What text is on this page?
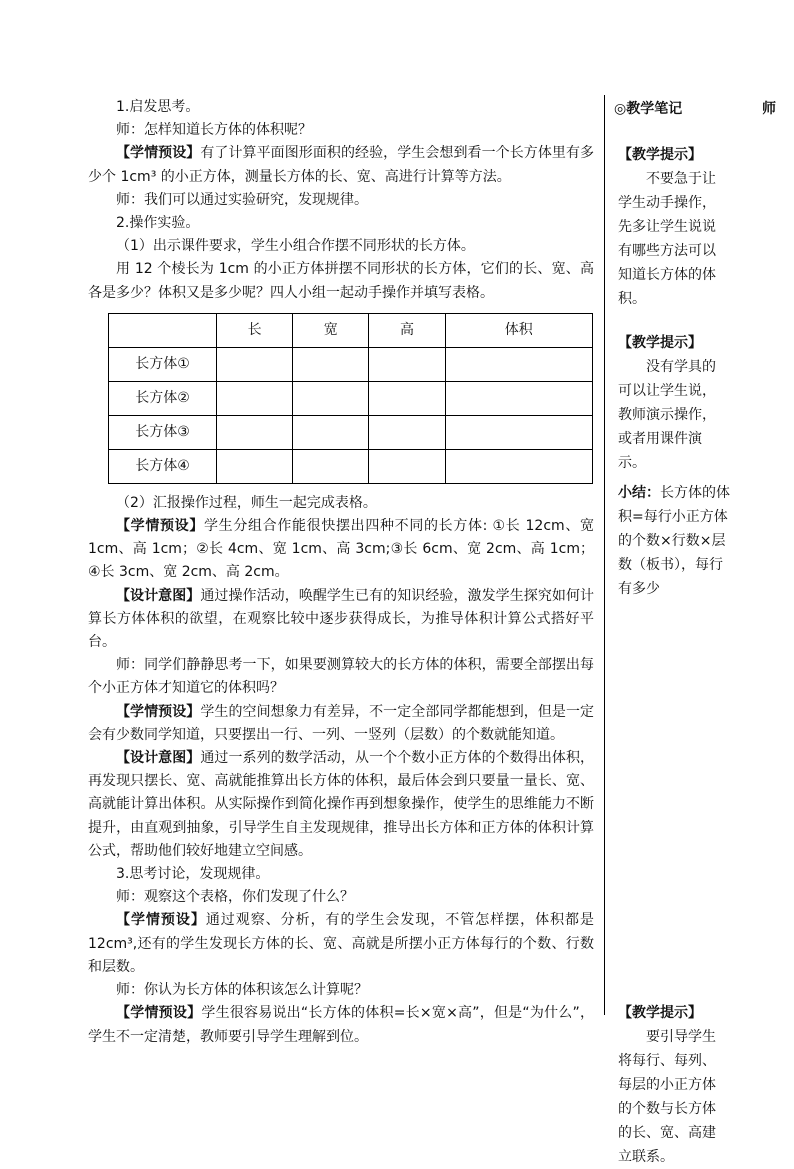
1.启发思考。

师：怎样知道长方体的体积呢？

【学情预设】有了计算平面图形面积的经验，学生会想到看一个长方体里有多少个 1cm³ 的小正方体，测量长方体的长、宽、高进行计算等方法。

师：我们可以通过实验研究，发现规律。

2.操作实验。

（1）出示课件要求，学生小组合作摆不同形状的长方体。

用 12 个棱长为 1cm 的小正方体拼摆不同形状的长方体，它们的长、宽、高各是多少？体积又是多少呢？四人小组一起动手操作并填写表格。

	长	宽	高	体积
长方体①				
长方体②				
长方体③				
长方体④				

（2）汇报操作过程，师生一起完成表格。

【学情预设】学生分组合作能很快摆出四种不同的长方体: ①长 12cm、宽 1cm、高 1cm；②长 4cm、宽 1cm、高 3cm;③长 6cm、宽 2cm、高 1cm；④长 3cm、宽 2cm、高 2cm。

【设计意图】通过操作活动，唤醒学生已有的知识经验，激发学生探究如何计算长方体体积的欲望，在观察比较中逐步获得成长，为推导体积计算公式搭好平台。

师：同学们静静思考一下，如果要测算较大的长方体的体积，需要全部摆出每个小正方体才知道它的体积吗？

【学情预设】学生的空间想象力有差异，不一定全部同学都能想到，但是一定会有少数同学知道，只要摆出一行、一列、一竖列（层数）的个数就能知道。

【设计意图】通过一系列的数学活动，从一个个数小正方体的个数得出体积，再发现只摆长、宽、高就能推算出长方体的体积，最后体会到只要量一量长、宽、高就能计算出体积。从实际操作到简化操作再到想象操作，使学生的思维能力不断提升，由直观到抽象，引导学生自主发现规律，推导出长方体和正方体的体积计算公式，帮助他们较好地建立空间感。

3.思考讨论，发现规律。

师：观察这个表格，你们发现了什么？

【学情预设】通过观察、分析，有的学生会发现，不管怎样摆，体积都是 12cm³,还有的学生发现长方体的长、宽、高就是所摆小正方体每行的个数、行数和层数。

师：你认为长方体的体积该怎么计算呢？

【学情预设】学生很容易说出“长方体的体积=长×宽×高”，但是“为什么”，学生不一定清楚，教师要引导学生理解到位。

◎教学笔记	师

【教学提示】

不要急于让学生动手操作，先多让学生说说有哪些方法可以知道长方体的体积。

【教学提示】

没有学具的可以让学生说，教师演示操作，或者用课件演示。

小结：长方体的体积=每行小正方体的个数×行数×层数（板书），每行有多少

【教学提示】

要引导学生将每行、每列、每层的小正方体的个数与长方体的长、宽、高建立联系。
